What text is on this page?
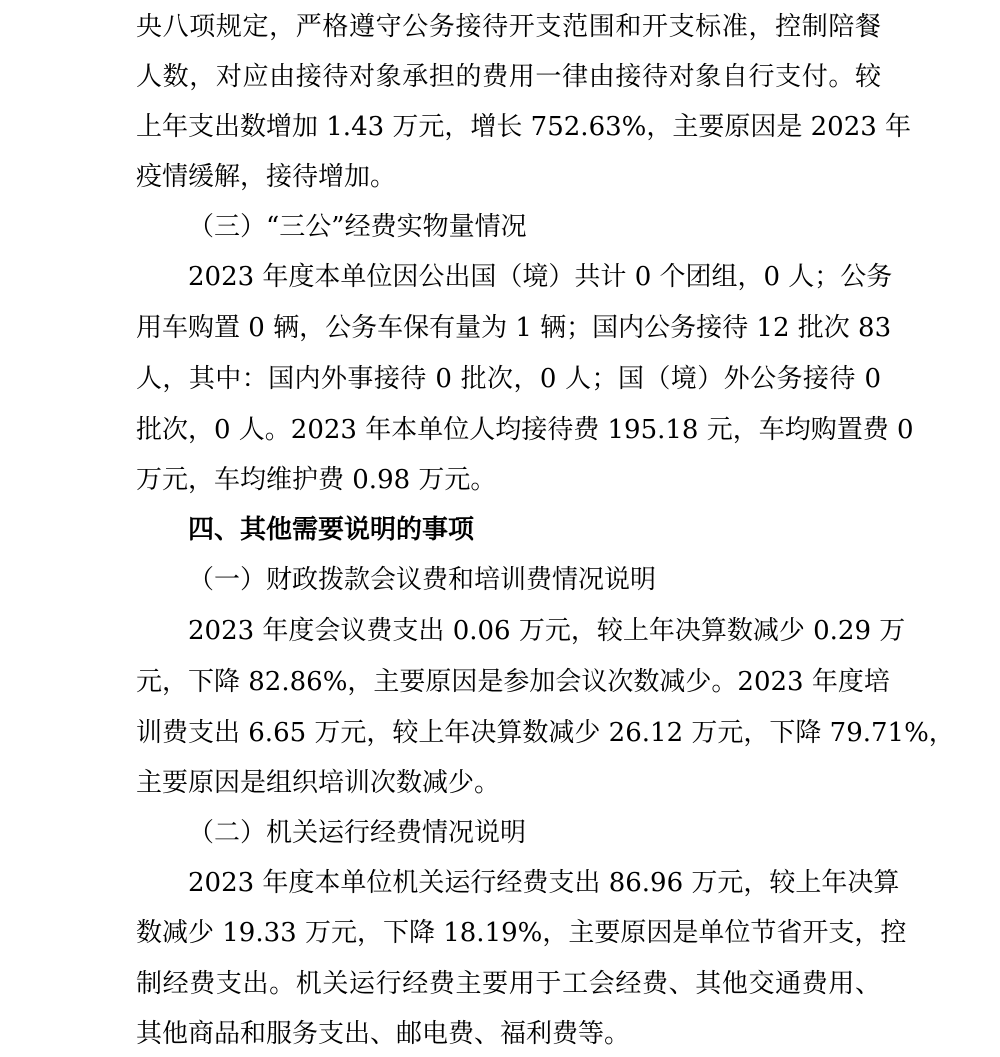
央八项规定，严格遵守公务接待开支范围和开支标准，控制陪餐
人数，对应由接待对象承担的费用一律由接待对象自行支付。较
上年支出数增加 1.43 万元，增长 752.63%，主要原因是 2023 年
疫情缓解，接待增加。
（三）“三公”经费实物量情况
2023 年度本单位因公出国（境）共计 0 个团组，0 人；公务
用车购置 0 辆，公务车保有量为 1 辆；国内公务接待 12 批次 83
人，其中：国内外事接待 0 批次，0 人；国（境）外公务接待 0
批次，0 人。2023 年本单位人均接待费 195.18 元，车均购置费 0
万元，车均维护费 0.98 万元。
四、其他需要说明的事项
（一）财政拨款会议费和培训费情况说明
2023 年度会议费支出 0.06 万元，较上年决算数减少 0.29 万
元，下降 82.86%，主要原因是参加会议次数减少。2023 年度培
训费支出 6.65 万元，较上年决算数减少 26.12 万元，下降 79.71%，
主要原因是组织培训次数减少。
（二）机关运行经费情况说明
2023 年度本单位机关运行经费支出 86.96 万元，较上年决算
数减少 19.33 万元，下降 18.19%，主要原因是单位节省开支，控
制经费支出。机关运行经费主要用于工会经费、其他交通费用、
其他商品和服务支出、邮电费、福利费等。
